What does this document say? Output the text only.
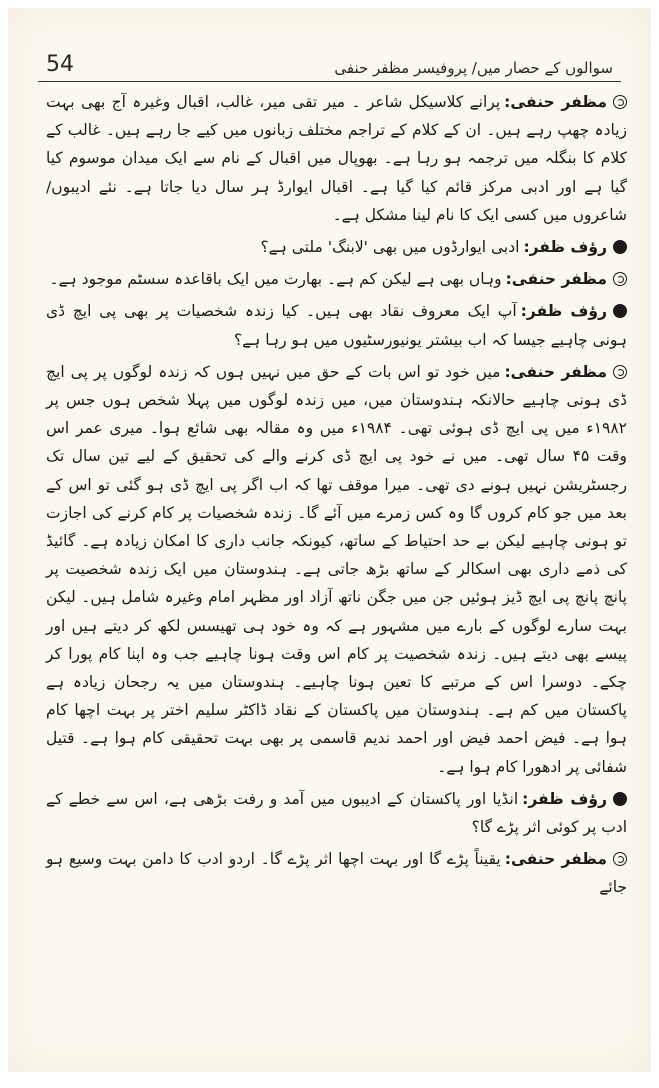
54	سوالوں کے حصار میں/ پروفیسر مظفر حنفی

مظفر حنفی:پرانے کلاسیکل شاعر ۔ میر تقی میر، غالب، اقبال وغیرہ آج بھی بہت زیادہ چھپ رہے ہیں۔ ان کے کلام کے تراجم مختلف زبانوں میں کیے جا رہے ہیں۔ غالب کے کلام کا بنگلہ میں ترجمہ ہو رہا ہے۔ بھوپال میں اقبال کے نام سے ایک میدان موسوم کیا گیا ہے اور ادبی مرکز قائم کیا گیا ہے۔ اقبال ایوارڈ ہر سال دیا جاتا ہے۔ نئے ادیبوں/ شاعروں میں کسی ایک کا نام لینا مشکل ہے۔

رؤف ظفر:ادبی ایوارڈوں میں بھی 'لابنگ' ملتی ہے؟

مظفر حنفی:وہاں بھی ہے لیکن کم ہے۔ بھارت میں ایک باقاعدہ سسٹم موجود ہے۔

رؤف ظفر:آپ ایک معروف نقاد بھی ہیں۔ کیا زندہ شخصیات پر بھی پی ایچ ڈی ہونی چاہیے جیسا کہ اب بیشتر یونیورسٹیوں میں ہو رہا ہے؟

مظفر حنفی:میں خود تو اس بات کے حق میں نہیں ہوں کہ زندہ لوگوں پر پی ایچ ڈی ہونی چاہیے حالانکہ ہندوستان میں، میں زندہ لوگوں میں پہلا شخص ہوں جس پر ۱۹۸۲ء میں پی ایچ ڈی ہوئی تھی۔ ۱۹۸۴ء میں وہ مقالہ بھی شائع ہوا۔ میری عمر اس وقت ۴۵ سال تھی۔ میں نے خود پی ایچ ڈی کرنے والے کی تحقیق کے لیے تین سال تک رجسٹریشن نہیں ہونے دی تھی۔ میرا موقف تھا کہ اب اگر پی ایچ ڈی ہو گئی تو اس کے بعد میں جو کام کروں گا وہ کس زمرے میں آئے گا۔ زندہ شخصیات پر کام کرنے کی اجازت تو ہونی چاہیے لیکن بے حد احتیاط کے ساتھ، کیونکہ جانب داری کا امکان زیادہ ہے۔ گائیڈ کی ذمے داری بھی اسکالر کے ساتھ بڑھ جاتی ہے۔ ہندوستان میں ایک زندہ شخصیت پر پانچ پانچ پی ایچ ڈیز ہوئیں جن میں جگن ناتھ آزاد اور مظہر امام وغیرہ شامل ہیں۔ لیکن بہت سارے لوگوں کے بارے میں مشہور ہے کہ وہ خود ہی تھیسس لکھ کر دیتے ہیں اور پیسے بھی دیتے ہیں۔ زندہ شخصیت پر کام اس وقت ہونا چاہیے جب وہ اپنا کام پورا کر چکے۔ دوسرا اس کے مرتبے کا تعین ہونا چاہیے۔ ہندوستان میں یہ رجحان زیادہ ہے پاکستان میں کم ہے۔ ہندوستان میں پاکستان کے نقاد ڈاکٹر سلیم اختر پر بہت اچھا کام ہوا ہے۔ فیض احمد فیض اور احمد ندیم قاسمی پر بھی بہت تحقیقی کام ہوا ہے۔ قتیل شفائی پر ادھورا کام ہوا ہے۔

رؤف ظفر:انڈیا اور پاکستان کے ادیبوں میں آمد و رفت بڑھی ہے، اس سے خطے کے ادب پر کوئی اثر پڑے گا؟

مظفر حنفی:یقیناً پڑے گا اور بہت اچھا اثر پڑے گا۔ اردو ادب کا دامن بہت وسیع ہو جائے
